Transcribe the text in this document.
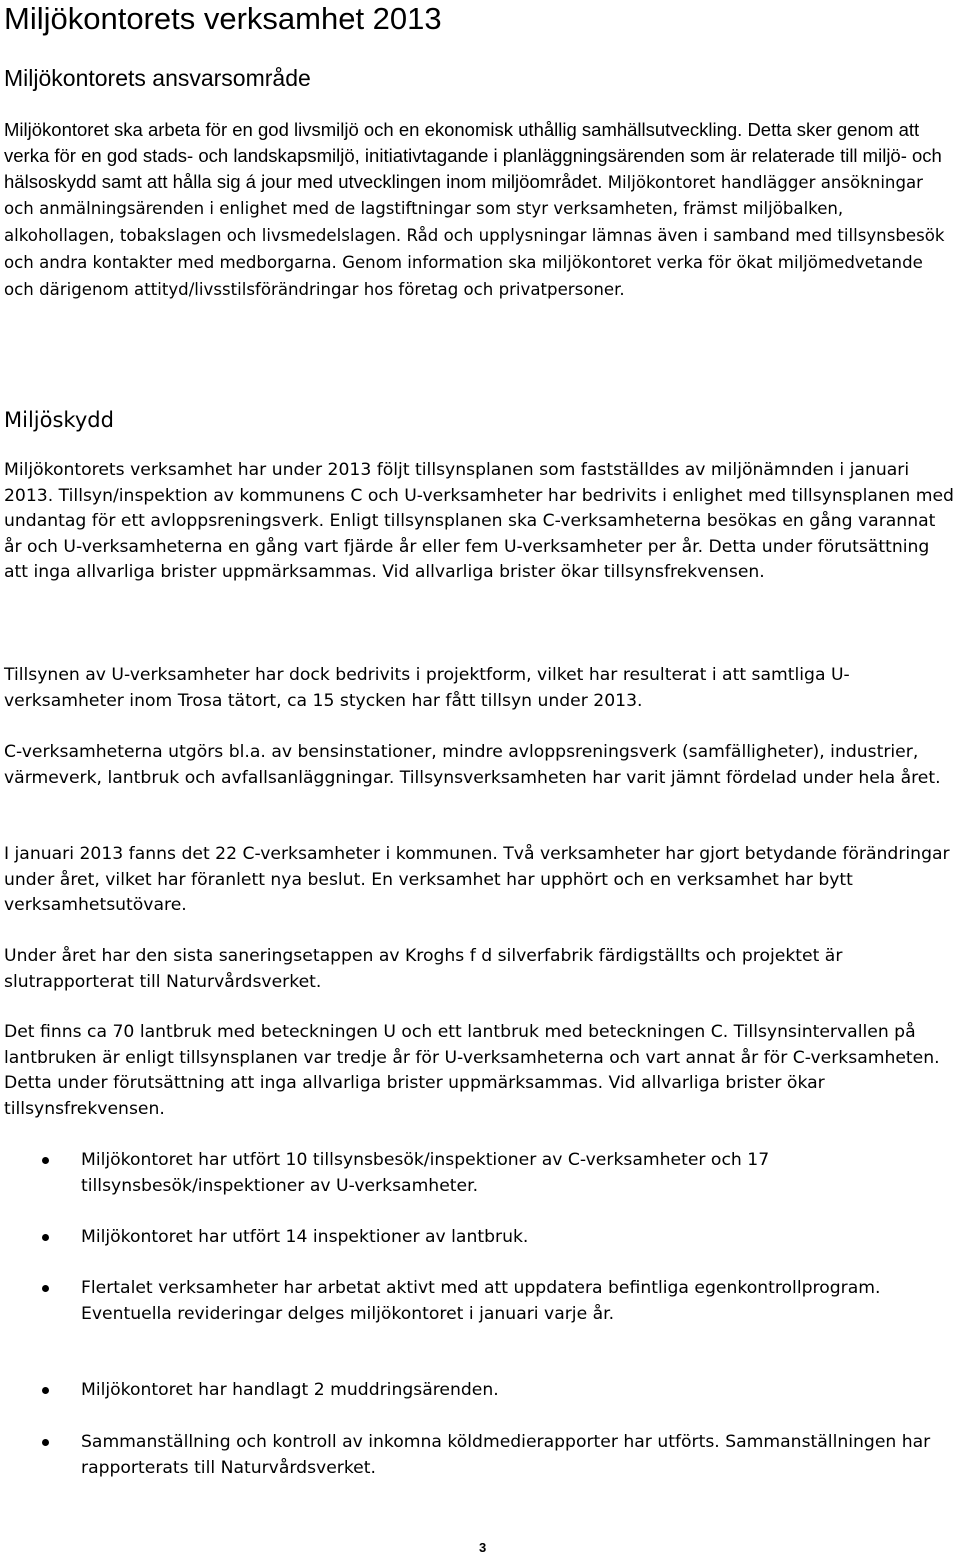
Miljökontorets verksamhet 2013
Miljökontorets ansvarsområde

Miljökontoret ska arbeta för en god livsmiljö och en ekonomisk uthållig samhällsutveckling. Detta sker genom att verka för en god stads- och landskapsmiljö, initiativtagande i planläggningsärenden som är relaterade till miljö- och hälsoskydd samt att hålla sig á jour med utvecklingen inom miljöområdet. Miljökontoret handlägger ansökningar och anmälningsärenden i enlighet med de lagstiftningar som styr verksamheten, främst miljöbalken, alkohollagen, tobakslagen och livsmedelslagen. Råd och upplysningar lämnas även i samband med tillsynsbesök och andra kontakter med medborgarna. Genom information ska miljökontoret verka för ökat miljömedvetande och därigenom attityd/livsstilsförändringar hos företag och privatpersoner.

Miljöskydd

Miljökontorets verksamhet har under 2013 följt tillsynsplanen som fastställdes av miljönämnden i januari 2013. Tillsyn/inspektion av kommunens C och U-verksamheter har bedrivits i enlighet med tillsynsplanen med undantag för ett avloppsreningsverk. Enligt tillsynsplanen ska C-verksamheterna besökas en gång varannat år och U-verksamheterna en gång vart fjärde år eller fem U-verksamheter per år. Detta under förutsättning att inga allvarliga brister uppmärksammas. Vid allvarliga brister ökar tillsynsfrekvensen.

Tillsynen av U-verksamheter har dock bedrivits i projektform, vilket har resulterat i att samtliga U-verksamheter inom Trosa tätort, ca 15 stycken har fått tillsyn under 2013.

C-verksamheterna utgörs bl.a. av bensinstationer, mindre avloppsreningsverk (samfälligheter), industrier, värmeverk, lantbruk och avfallsanläggningar. Tillsynsverksamheten har varit jämnt fördelad under hela året.

I januari 2013 fanns det 22 C-verksamheter i kommunen. Två verksamheter har gjort betydande förändringar under året, vilket har föranlett nya beslut. En verksamhet har upphört och en verksamhet har bytt verksamhetsutövare.

Under året har den sista saneringsetappen av Kroghs f d silverfabrik färdigställts och projektet är slutrapporterat till Naturvårdsverket.

Det finns ca 70 lantbruk med beteckningen U och ett lantbruk med beteckningen C. Tillsynsintervallen på lantbruken är enligt tillsynsplanen var tredje år för U-verksamheterna och vart annat år för C-verksamheten. Detta under förutsättning att inga allvarliga brister uppmärksammas. Vid allvarliga brister ökar tillsynsfrekvensen.

Miljökontoret har utfört 10 tillsynsbesök/inspektioner av C-verksamheter och 17 tillsynsbesök/inspektioner av U-verksamheter.

Miljökontoret har utfört 14 inspektioner av lantbruk.

Flertalet verksamheter har arbetat aktivt med att uppdatera befintliga egenkontrollprogram. Eventuella revideringar delges miljökontoret i januari varje år.

Miljökontoret har handlagt 2 muddringsärenden.

Sammanställning och kontroll av inkomna köldmedierapporter har utförts. Sammanställningen har rapporterats till Naturvårdsverket.

3
